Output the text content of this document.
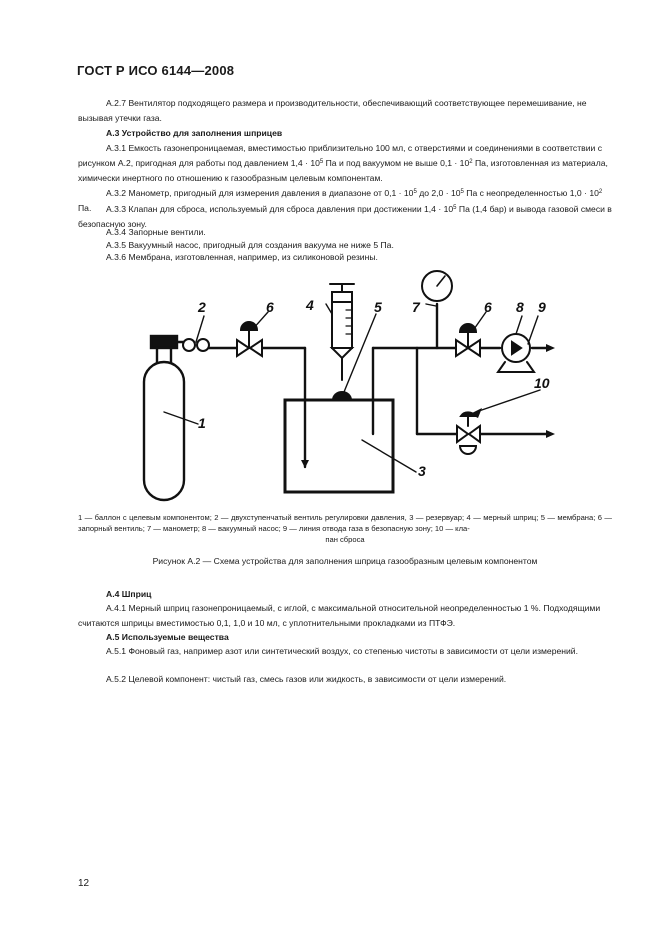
ГОСТ Р ИСО 6144—2008
А.2.7 Вентилятор подходящего размера и производительности, обеспечивающий соответствующее перемешивание, не вызывая утечки газа.
А.3 Устройство для заполнения шприцев
А.3.1 Емкость газонепроницаемая, вместимостью приблизительно 100 мл, с отверстиями и соединениями в соответствии с рисунком А.2, пригодная для работы под давлением $1,4 \cdot 10^5$ Па и под вакуумом не выше $0,1 \cdot 10^2$ Па, изготовленная из материала, химически инертного по отношению к газообразным целевым компонентам.
А.3.2 Манометр, пригодный для измерения давления в диапазоне от $0,1 \cdot 10^5$ до $2,0 \cdot 10^5$ Па с неопределенностью $1,0 \cdot 10^2$ Па.	А.3.3 Клапан для сброса, используемый для сброса давления при достижении $1,4 \cdot 10^5$ Па (1,4 бар) и вывода газовой смеси в безопасную зону.
А.3.4 Запорные вентили.
А.3.5 Вакуумный насос, пригодный для создания вакуума не ниже 5 Па.
А.3.6 Мембрана, изготовленная, например, из силиконовой резины.
1
2
3
4	5
6	7	6 8 9
10
1 — баллон с целевым компонентом; 2 — двухступенчатый вентиль регулировки давления, 3 — резервуар; 4 — мерный шприц; 5 — мембрана; 6 — запорный вентиль; 7 — манометр; 8 — вакуумный насос; 9 — линия отвода газа в безопасную зону; 10 — кла-
пан сброса
Рисунок А.2 — Схема устройства для заполнения шприца газообразным целевым компонентом
А.4 Шприц
А.4.1 Мерный шприц газонепроницаемый, с иглой, с максимальной относительной неопределенностью 1 %. Подходящими считаются шприцы вместимостью 0,1, 1,0 и 10 мл, с уплотнительными прокладками из ПТФЭ.
А.5 Используемые вещества
А.5.1 Фоновый газ, например азот или синтетический воздух, со степенью чистоты в зависимости от цели измерений.
А.5.2 Целевой компонент: чистый газ, смесь газов или жидкость, в зависимости от цели измерений.
12
